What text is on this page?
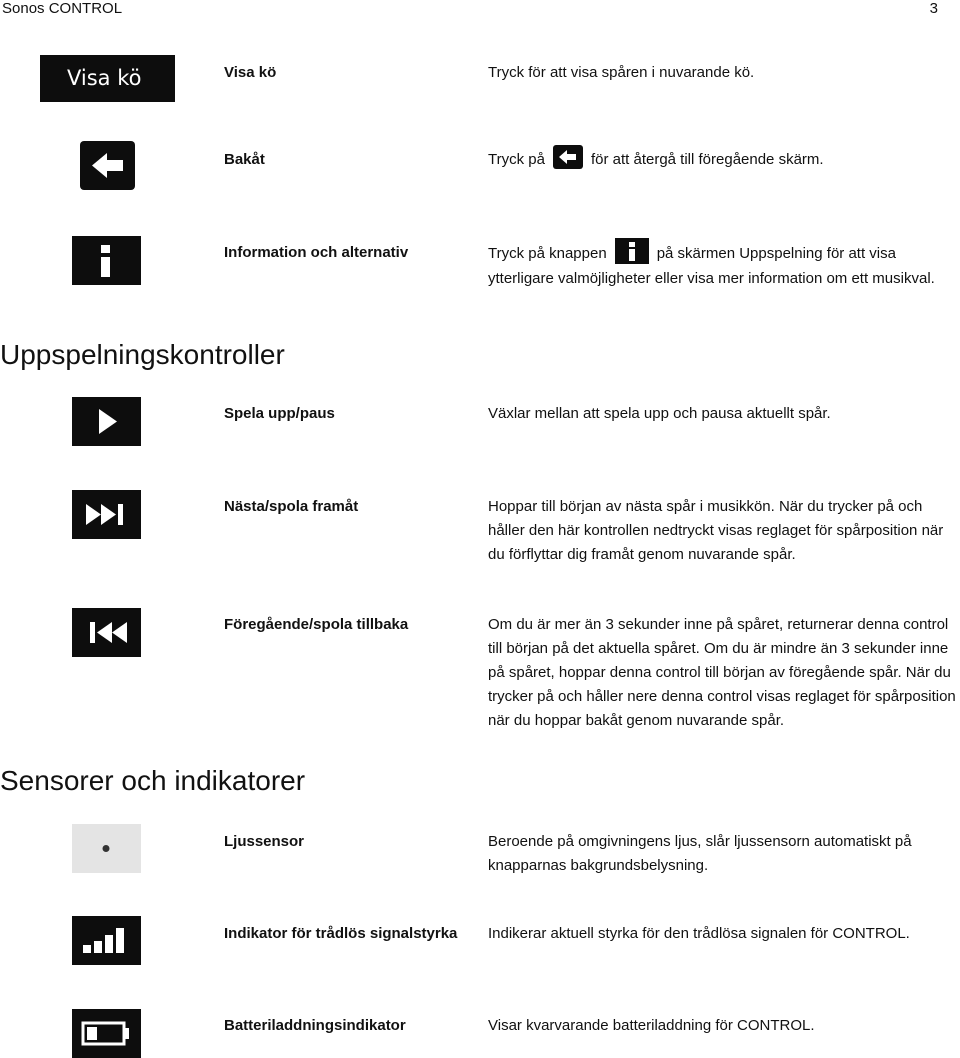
Sonos CONTROL	3
Visa kö	Visa kö	Tryck för att visa spåren i nuvarande kö.
Bakåt	Tryck på	för att återgå till föregående skärm.
Information och alternativ	Tryck på knappen	på skärmen Uppspelning för att visa ytterligare valmöjligheter eller visa mer information om ett musikval.
Uppspelningskontroller
Spela upp/paus	Växlar mellan att spela upp och pausa aktuellt spår.
Nästa/spola framåt	Hoppar till början av nästa spår i musikkön. När du trycker på och håller den här kontrollen nedtryckt visas reglaget för spårposition när du förflyttar dig framåt genom nuvarande spår.
Föregående/spola tillbaka	Om du är mer än 3 sekunder inne på spåret, returnerar denna control till början på det aktuella spåret. Om du är mindre än 3 sekunder inne på spåret, hoppar denna control till början av föregående spår. När du trycker på och håller nere denna control visas reglaget för spårposition när du hoppar bakåt genom nuvarande spår.
Sensorer och indikatorer
Ljussensor	Beroende på omgivningens ljus, slår ljussensorn automatiskt på knapparnas bakgrundsbelysning.
Indikator för trådlös signalstyrka	Indikerar aktuell styrka för den trådlösa signalen för CONTROL.
Batteriladdningsindikator	Visar kvarvarande batteriladdning för CONTROL.
